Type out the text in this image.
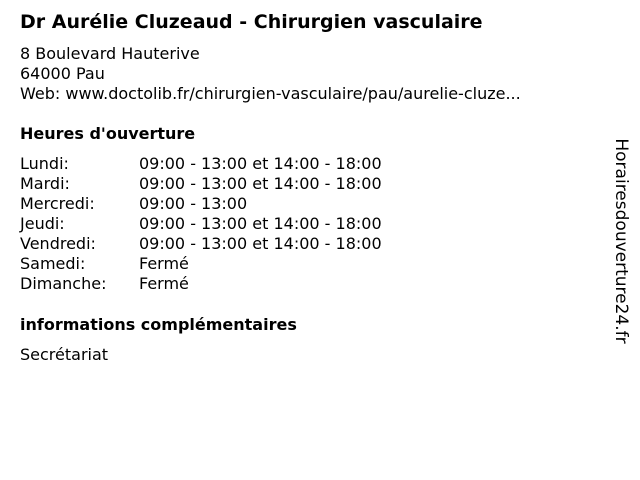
Dr Aurélie Cluzeaud - Chirurgien vasculaire
8 Boulevard Hauterive
64000 Pau
Web: www.doctolib.fr/chirurgien-vasculaire/pau/aurelie-cluze...
Heures d'ouverture
Lundi:	09:00 - 13:00 et 14:00 - 18:00
Mardi:	09:00 - 13:00 et 14:00 - 18:00
Mercredi:	09:00 - 13:00
Jeudi:	09:00 - 13:00 et 14:00 - 18:00
Vendredi:	09:00 - 13:00 et 14:00 - 18:00
Samedi:	Fermé
Dimanche: Fermé
informations complémentaires
Secrétariat
Horairesdouverture24.fr
